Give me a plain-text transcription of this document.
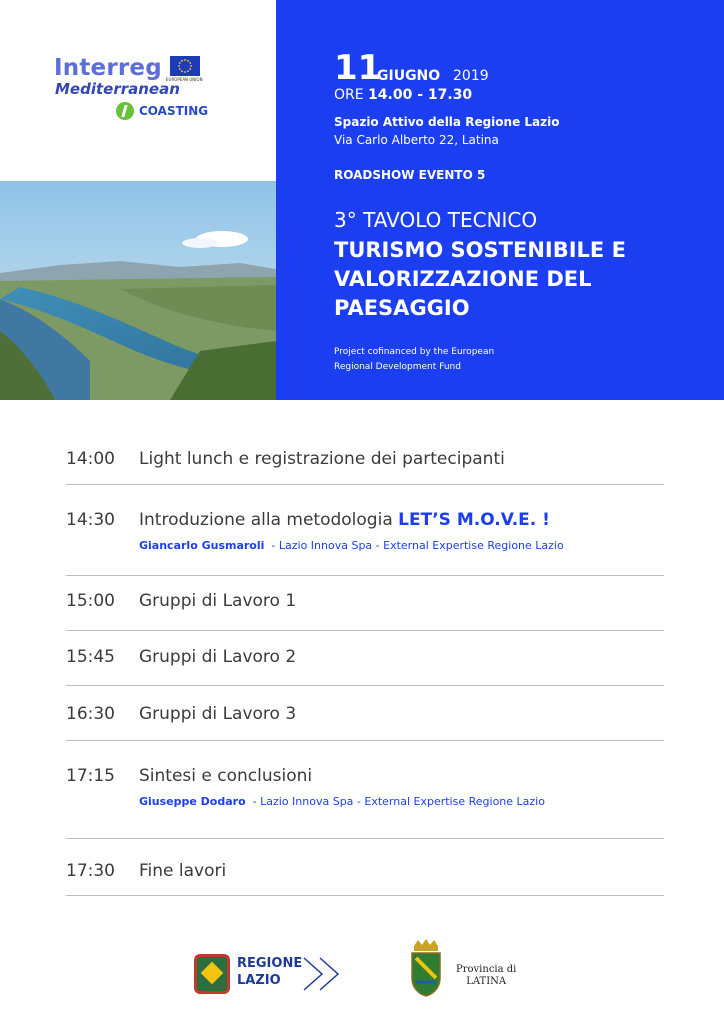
Interreg EUROPEAN UNION
Mediterranean
COASTING
11
GIUGNO 2019
ORE 14.00 - 17.30
Spazio Attivo della Regione Lazio
Via Carlo Alberto 22, Latina
ROADSHOW EVENTO 5
3° TAVOLO TECNICO
TURISMO SOSTENIBILE E
VALORIZZAZIONE DEL
PAESAGGIO
Project cofinanced by the European
Regional Development Fund
14:00 Light lunch e registrazione dei partecipanti
14:30 Introduzione alla metodologia LET’S M.O.V.E. !
Giancarlo Gusmaroli - Lazio Innova Spa - External Expertise Regione Lazio
15:00 Gruppi di Lavoro 1
15:45 Gruppi di Lavoro 2
16:30 Gruppi di Lavoro 3
17:15 Sintesi e conclusioni
Giuseppe Dodaro - Lazio Innova Spa - External Expertise Regione Lazio
17:30 Fine lavori
REGIONE
LAZIO
Provincia di
LATINA
